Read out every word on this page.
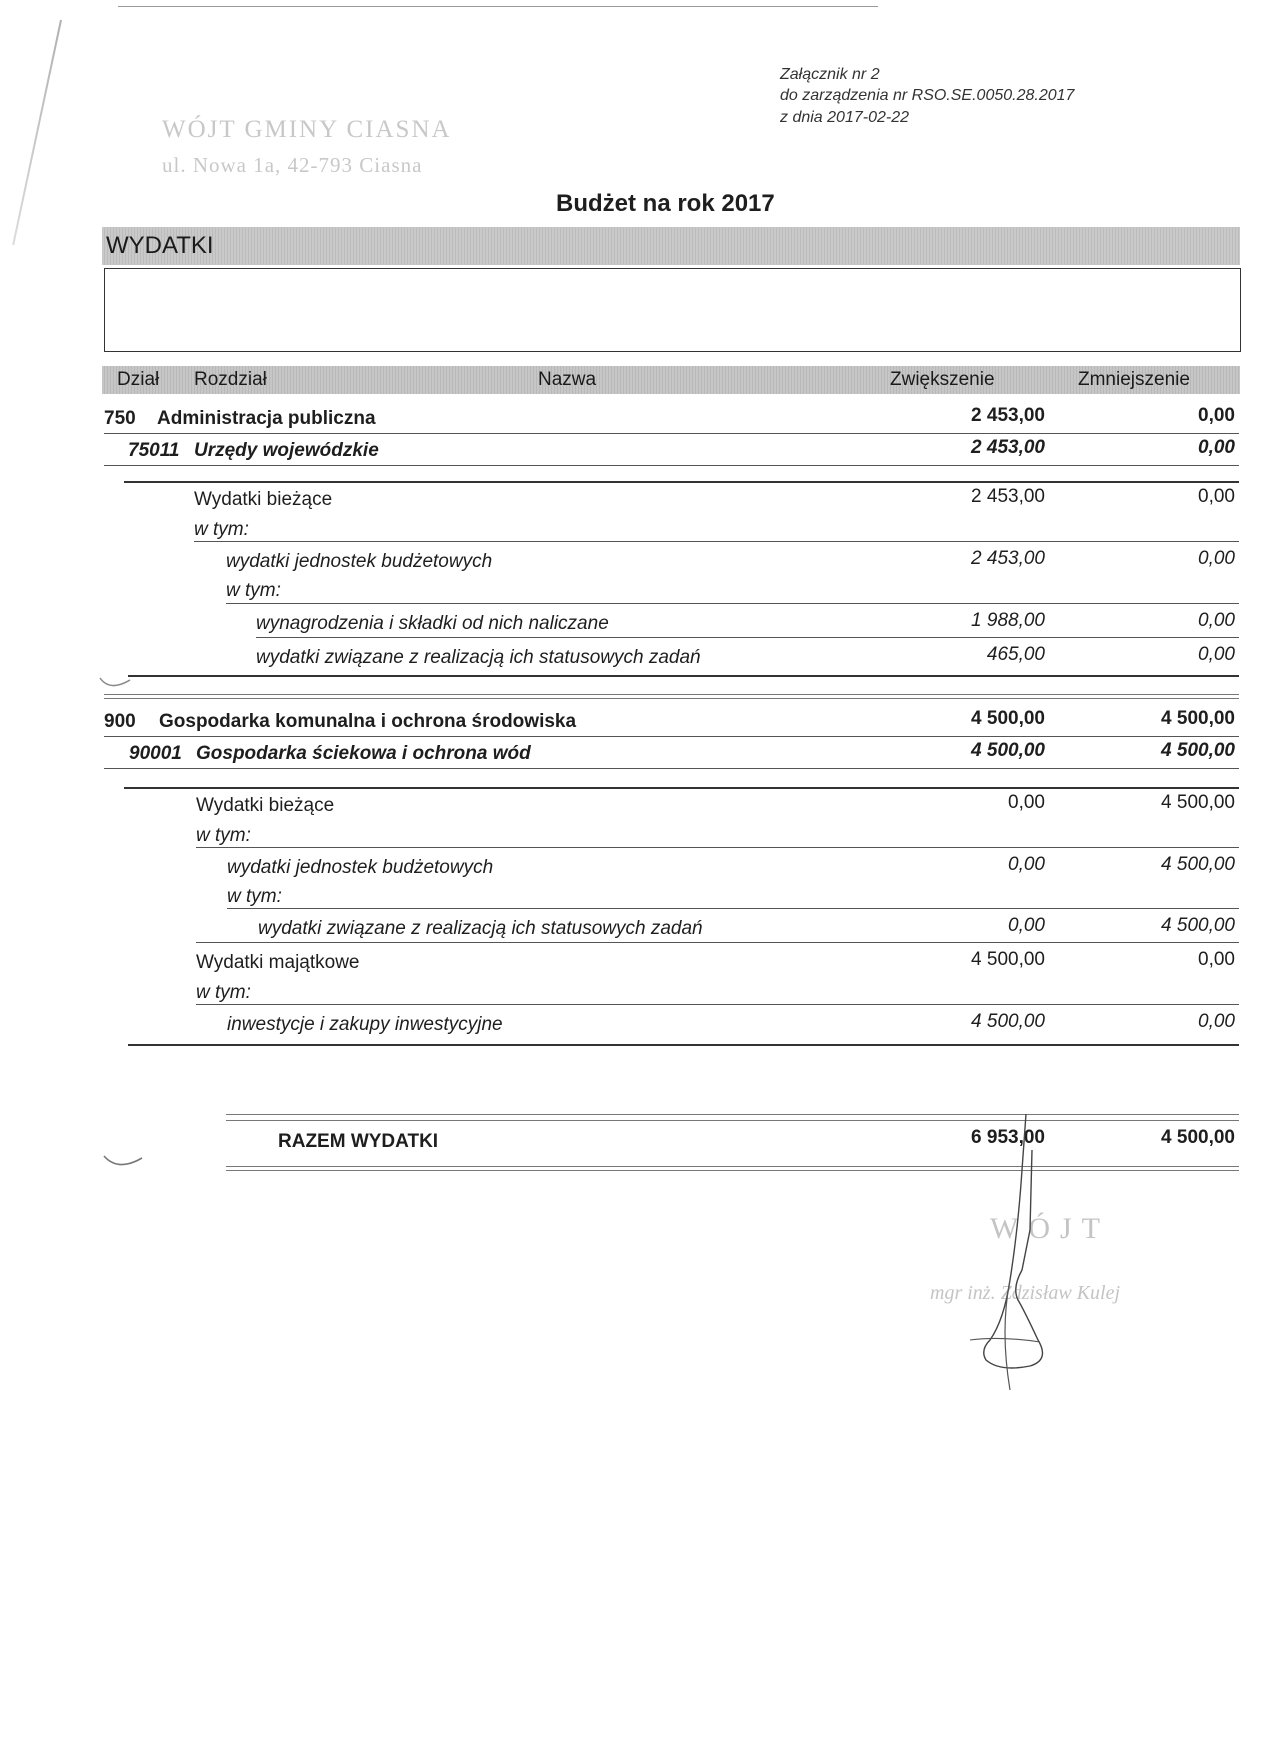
WÓJT GMINY CIASNA
ul. Nowa 1a, 42-793 Ciasna
Załącznik nr 2
do zarządzenia nr RSO.SE.0050.28.2017
z dnia 2017-02-22
Budżet na rok 2017
WYDATKI
Dział Rozdział	Nazwa	Zwiększenie	Zmniejszenie
750 Administracja publiczna	2 453,00	0,00
75011 Urzędy wojewódzkie	2 453,00	0,00
Wydatki bieżące	2 453,00	0,00
w tym:
wydatki jednostek budżetowych	2 453,00	0,00
w tym:
wynagrodzenia i składki od nich naliczane	1 988,00	0,00
wydatki związane z realizacją ich statusowych zadań	465,00	0,00
900 Gospodarka komunalna i ochrona środowiska	4 500,00	4 500,00
90001 Gospodarka ściekowa i ochrona wód	4 500,00	4 500,00
Wydatki bieżące	0,00	4 500,00
w tym:
wydatki jednostek budżetowych	0,00	4 500,00
w tym:
wydatki związane z realizacją ich statusowych zadań	0,00	4 500,00
Wydatki majątkowe	4 500,00	0,00
w tym:
inwestycje i zakupy inwestycyjne	4 500,00	0,00
RAZEM WYDATKI	6 953,00	4 500,00
WÓJT
mgr inż. Zdzisław Kulej
